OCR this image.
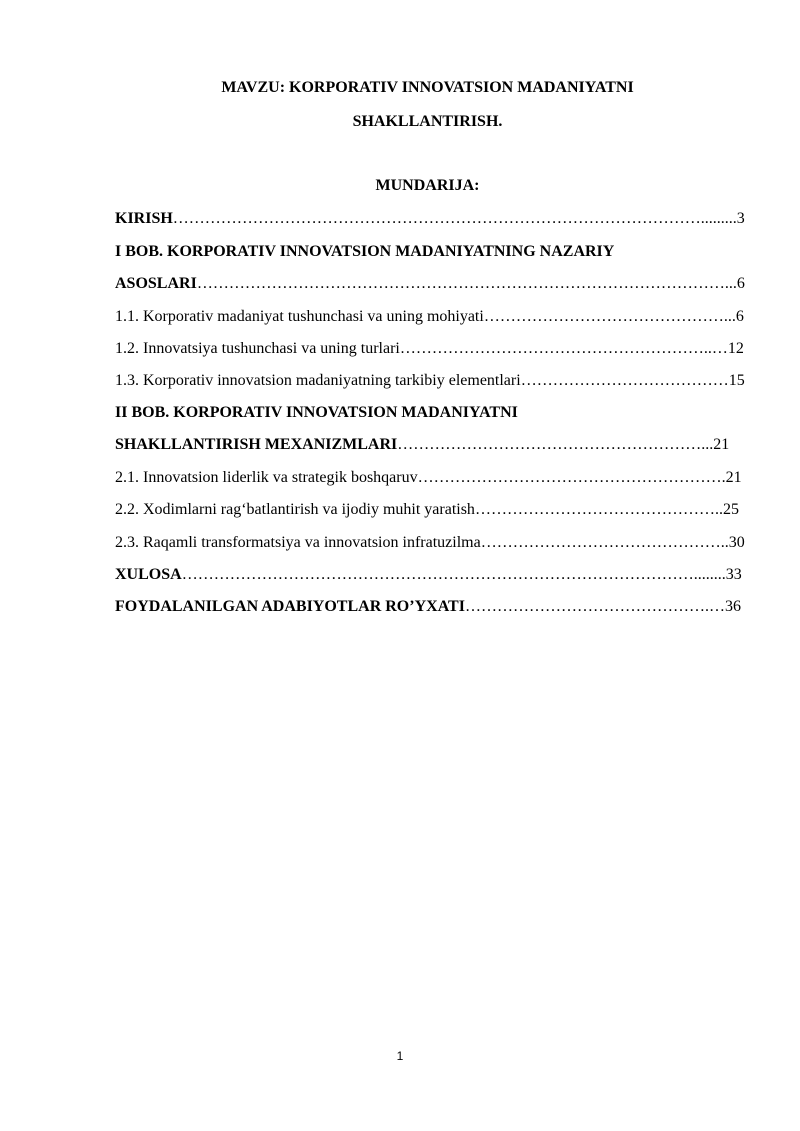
MAVZU: KORPORATIV INNOVATSION MADANIYATNI
SHAKLLANTIRISH.
MUNDARIJA:
KIRISH……………………………………………………………………………………….........3
I BOB. KORPORATIV INNOVATSION MADANIYATNING NAZARIY
ASOSLARI………………………………………………………………………………………...6
1.1. Korporativ madaniyat tushunchasi va uning mohiyati………………………………………...6
1.2. Innovatsiya tushunchasi va uning turlari…………………………………………………..…12
1.3. Korporativ innovatsion madaniyatning tarkibiy elementlari…………………………………15
II BOB. KORPORATIV INNOVATSION MADANIYATNI
SHAKLLANTIRISH MEXANIZMLARI…………………………………………………...21
2.1. Innovatsion liderlik va strategik boshqaruv………………………………………………….21
2.2. Xodimlarni rag‘batlantirish va ijodiy muhit yaratish………………………………………..25
2.3. Raqamli transformatsiya va innovatsion infratuzilma………………………………………..30
XULOSA……………………………………………………………………………………........33
FOYDALANILGAN ADABIYOTLAR RO’YXATI……………………………………….…36
1
